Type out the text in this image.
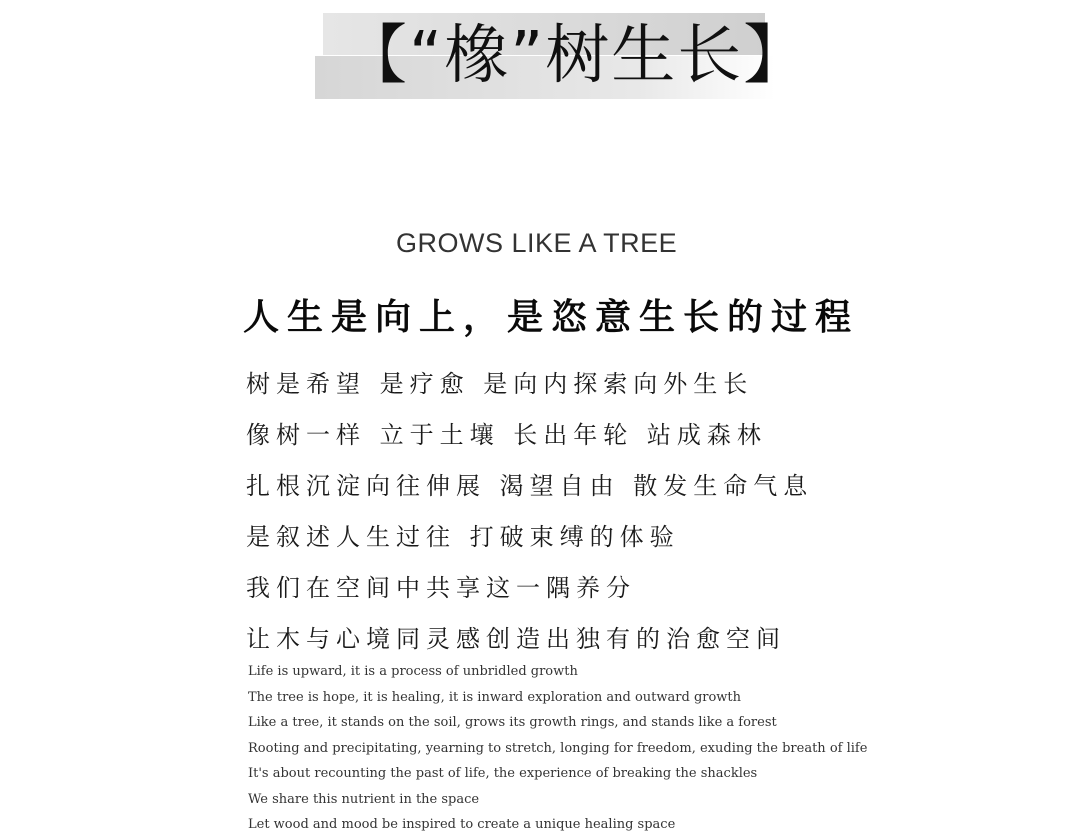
【“橡”树生长】
GROWS LIKE A TREE
人生是向上，是恣意生长的过程
树是希望 是疗愈 是向内探索向外生长
像树一样 立于土壤 长出年轮 站成森林
扎根沉淀向往伸展 渴望自由 散发生命气息
是叙述人生过往 打破束缚的体验
我们在空间中共享这一隅养分
让木与心境同灵感创造出独有的治愈空间
Life is upward, it is a process of unbridled growth
The tree is hope, it is healing, it is inward exploration and outward growth
Like a tree, it stands on the soil, grows its growth rings, and stands like a forest
Rooting and precipitating, yearning to stretch, longing for freedom, exuding the breath of life
It's about recounting the past of life, the experience of breaking the shackles
We share this nutrient in the space
Let wood and mood be inspired to create a unique healing space
